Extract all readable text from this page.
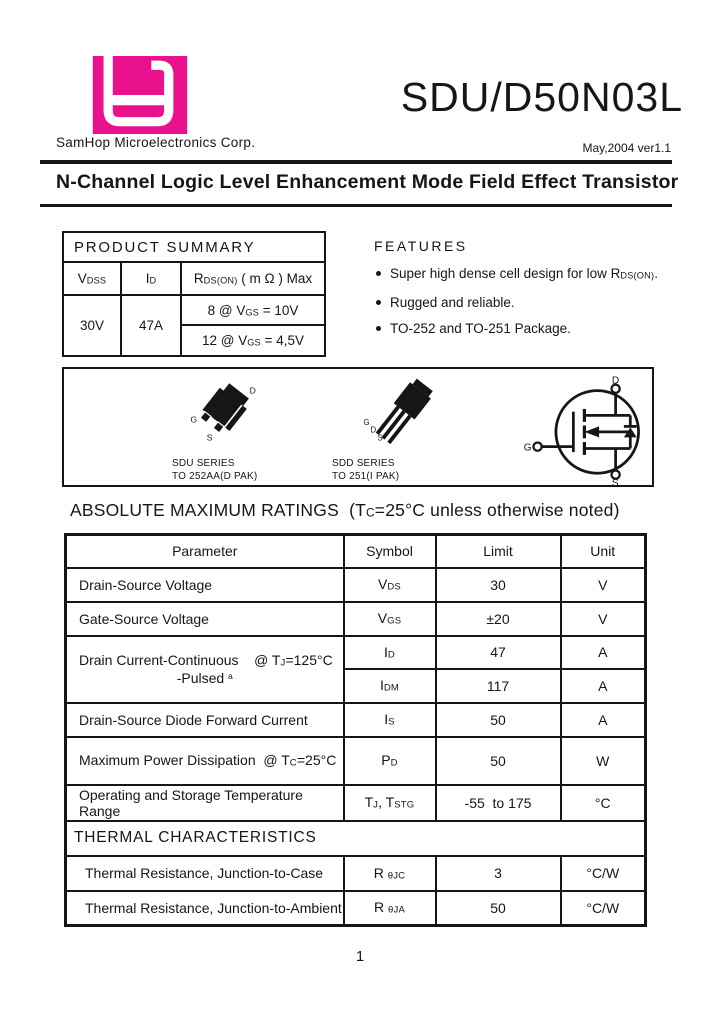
SamHop Microelectronics Corp.
SDU/D50N03L
May,2004 ver1.1
N-Channel Logic Level Enhancement Mode Field Effect Transistor
PRODUCT SUMMARY		
VDSS	ID	RDS(ON) ( m Ω ) Max
30V	47A	8 @ VGS = 10V
		12 @ VGS = 4,5V
FEATURES
Super high dense cell design for low RDS(ON).
Rugged and reliable.
TO-252 and TO-251 Package.
D
G
S
SDU SERIES
TO 252AA(D PAK)
G
D
S
SDD SERIES
TO 251(I PAK)
D
G
S
ABSOLUTE MAXIMUM RATINGS  (TC=25°C unless otherwise noted)
Parameter	Symbol	Limit	Unit
Drain-Source Voltage	VDS	30	V
Gate-Source Voltage	VGS	±20	V

Drain Current-Continuous    @ TJ=125°C
-Pulsed $^a$	ID	47	A
	IDM	117	A
Drain-Source Diode Forward Current	IS	50	A
Maximum Power Dissipation  @ TC=25°C	PD	50	W
Operating and Storage Temperature Range	TJ, TSTG	-55  to 175	°C
THERMAL CHARACTERISTICS			
Thermal Resistance, Junction-to-Case	R θJC	3	°C/W
Thermal Resistance, Junction-to-Ambient	R θJA	50	°C/W
1
